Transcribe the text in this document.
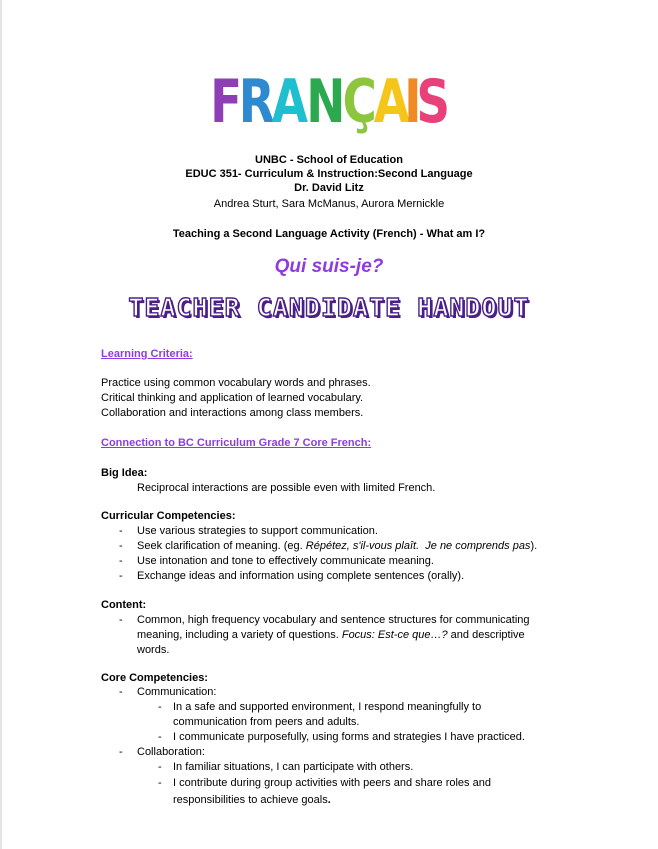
FRANÇAIS
UNBC - School of Education
EDUC 351- Curriculum & Instruction:Second Language
Dr. David Litz
Andrea Sturt, Sara McManus, Aurora Mernickle
Teaching a Second Language Activity (French) - What am I?
Qui suis-je?
TEACHER CANDIDATE HANDOUT
Learning Criteria:
Practice using common vocabulary words and phrases.
Critical thinking and application of learned vocabulary.
Collaboration and interactions among class members.
Connection to BC Curriculum Grade 7 Core French:
Big Idea:
Reciprocal interactions are possible even with limited French.
Curricular Competencies:
- Use various strategies to support communication.
- Seek clarification of meaning. (eg. Répétez, s'il-vous plaît. Je ne comprends pas).
- Use intonation and tone to effectively communicate meaning.
- Exchange ideas and information using complete sentences (orally).
Content:
- Common, high frequency vocabulary and sentence structures for communicating meaning, including a variety of questions. Focus: Est-ce que…? and descriptive words.
Core Competencies:
- Communication:
- In a safe and supported environment, I respond meaningfully to communication from peers and adults.
- I communicate purposefully, using forms and strategies I have practiced.
- Collaboration:
- In familiar situations, I can participate with others.
- I contribute during group activities with peers and share roles and responsibilities to achieve goals.
